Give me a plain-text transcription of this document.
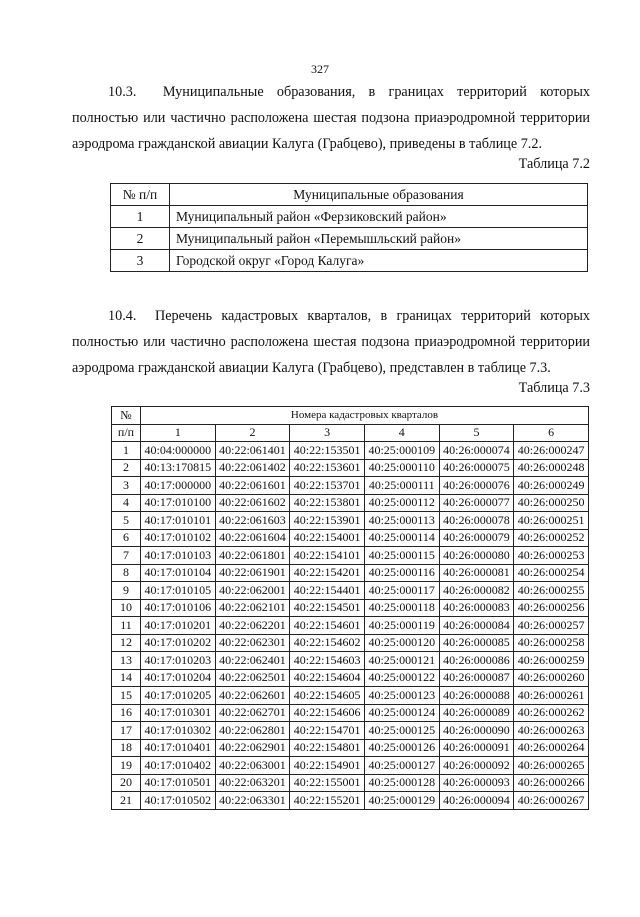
327
10.3. Муниципальные образования, в границах территорий которых полностью или частично расположена шестая подзона приаэродромной территории аэродрома гражданской авиации Калуга (Грабцево), приведены в таблице 7.2.
Таблица 7.2
№ п/п	Муниципальные образования
1	Муниципальный район «Ферзиковский район»
2	Муниципальный район «Перемышльский район»
3	Городской округ «Город Калуга»
10.4. Перечень кадастровых кварталов, в границах территорий которых полностью или частично расположена шестая подзона приаэродромной территории аэродрома гражданской авиации Калуга (Грабцево), представлен в таблице 7.3.
Таблица 7.3
№	Номера кадастровых кварталов					
п/п	1	2	3	4	5	6
1	40:04:000000	40:22:061401	40:22:153501	40:25:000109	40:26:000074	40:26:000247
2	40:13:170815	40:22:061402	40:22:153601	40:25:000110	40:26:000075	40:26:000248
3	40:17:000000	40:22:061601	40:22:153701	40:25:000111	40:26:000076	40:26:000249
4	40:17:010100	40:22:061602	40:22:153801	40:25:000112	40:26:000077	40:26:000250
5	40:17:010101	40:22:061603	40:22:153901	40:25:000113	40:26:000078	40:26:000251
6	40:17:010102	40:22:061604	40:22:154001	40:25:000114	40:26:000079	40:26:000252
7	40:17:010103	40:22:061801	40:22:154101	40:25:000115	40:26:000080	40:26:000253
8	40:17:010104	40:22:061901	40:22:154201	40:25:000116	40:26:000081	40:26:000254
9	40:17:010105	40:22:062001	40:22:154401	40:25:000117	40:26:000082	40:26:000255
10	40:17:010106	40:22:062101	40:22:154501	40:25:000118	40:26:000083	40:26:000256
11	40:17:010201	40:22:062201	40:22:154601	40:25:000119	40:26:000084	40:26:000257
12	40:17:010202	40:22:062301	40:22:154602	40:25:000120	40:26:000085	40:26:000258
13	40:17:010203	40:22:062401	40:22:154603	40:25:000121	40:26:000086	40:26:000259
14	40:17:010204	40:22:062501	40:22:154604	40:25:000122	40:26:000087	40:26:000260
15	40:17:010205	40:22:062601	40:22:154605	40:25:000123	40:26:000088	40:26:000261
16	40:17:010301	40:22:062701	40:22:154606	40:25:000124	40:26:000089	40:26:000262
17	40:17:010302	40:22:062801	40:22:154701	40:25:000125	40:26:000090	40:26:000263
18	40:17:010401	40:22:062901	40:22:154801	40:25:000126	40:26:000091	40:26:000264
19	40:17:010402	40:22:063001	40:22:154901	40:25:000127	40:26:000092	40:26:000265
20	40:17:010501	40:22:063201	40:22:155001	40:25:000128	40:26:000093	40:26:000266
21	40:17:010502	40:22:063301	40:22:155201	40:25:000129	40:26:000094	40:26:000267
